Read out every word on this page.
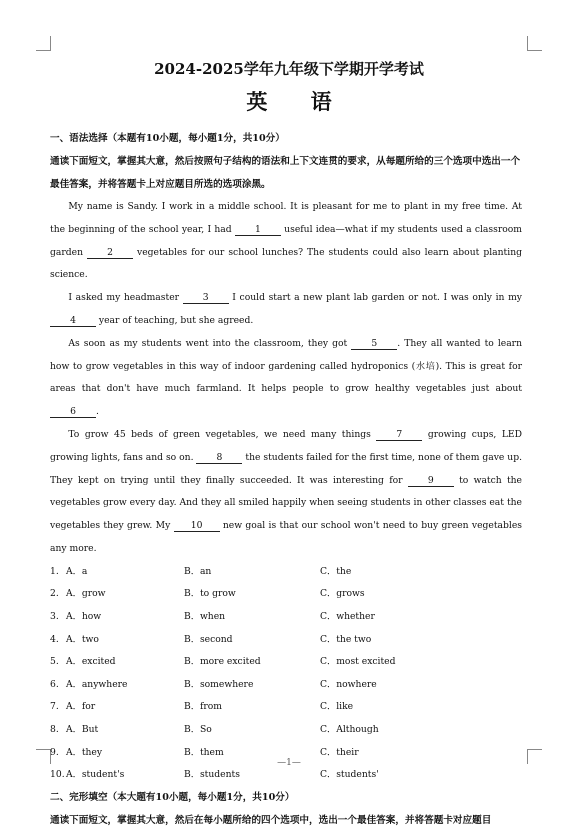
2024-2025学年九年级下学期开学考试
英 语
一、语法选择（本题有10小题，每小题1分，共10分）
通读下面短文，掌握其大意，然后按照句子结构的语法和上下文连贯的要求，从每题所给的三个选项中选出一个最佳答案，并将答题卡上对应题目所选的选项涂黑。

My name is Sandy. I work in a middle school. It is pleasant for me to plant in my free time. At the beginning of the school year, I had 1 useful idea—what if my students used a classroom garden 2 vegetables for our school lunches? The students could also learn about planting science.

I asked my headmaster 3 I could start a new plant lab garden or not. I was only in my 4 year of teaching, but she agreed.

As soon as my students went into the classroom, they got 5 . They all wanted to learn how to grow vegetables in this way of indoor gardening called hydroponics (水培). This is great for areas that don't have much farmland. It helps people to grow healthy vegetables just about 6 .

To grow 45 beds of green vegetables, we need many things 7 growing cups, LED growing lights, fans and so on. 8 the students failed for the first time, none of them gave up. They kept on trying until they finally succeeded. It was interesting for 9 to watch the vegetables grow every day. And they all smiled happily when seeing students in other classes eat the vegetables they grew. My 10 new goal is that our school won't need to buy green vegetables any more.

1. A．a	B．an	C．the
2. A．grow	B．to grow	C．grows
3. A．how	B．when	C．whether
4. A．two	B．second	C．the two
5. A．excited	B．more excited	C．most excited
6. A．anywhere	B．somewhere	C．nowhere
7. A．for	B．from	C．like
8. A．But	B．So	C．Although
9. A．they	B．them	C．their
10. A．student's	B．students	C．students'
二、完形填空（本大题有10小题，每小题1分，共10分）
通读下面短文，掌握其大意，然后在每小题所给的四个选项中，选出一个最佳答案，并将答题卡对应题目
—1—
